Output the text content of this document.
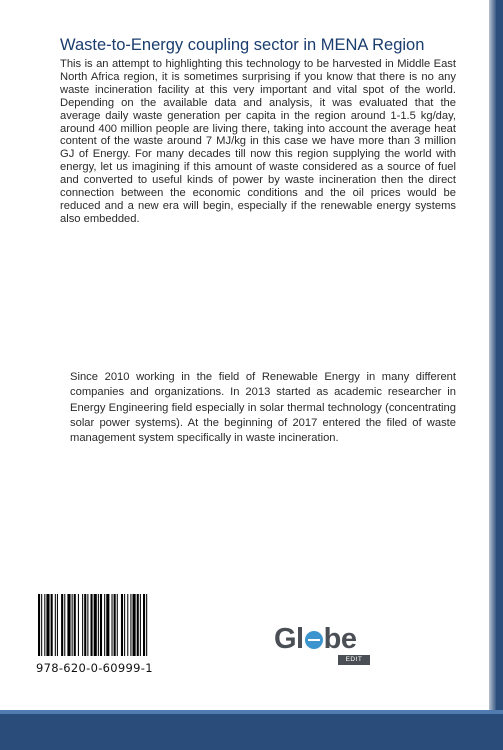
Waste-to-Energy coupling sector in MENA Region
This is an attempt to highlighting this technology to be harvested in Middle East North Africa region, it is sometimes surprising if you know that there is no any waste incineration facility at this very important and vital spot of the world. Depending on the available data and analysis, it was evaluated that the average daily waste generation per capita in the region around 1-1.5 kg/day, around 400 million people are living there, taking into account the average heat content of the waste around 7 MJ/kg in this case we have more than 3 million GJ of Energy. For many decades till now this region supplying the world with energy, let us imagining if this amount of waste considered as a source of fuel and converted to useful kinds of power by waste incineration then the direct connection between the economic conditions and the oil prices would be reduced and a new era will begin, especially if the renewable energy systems also embedded.
Since 2010 working in the field of Renewable Energy in many different companies and organizations. In 2013 started as academic researcher in Energy Engineering field especially in solar thermal technology (concentrating solar power systems). At the beginning of 2017 entered the filed of waste management system specifically in waste incineration.
978-620-0-60999-1
Gl be
EDIT
